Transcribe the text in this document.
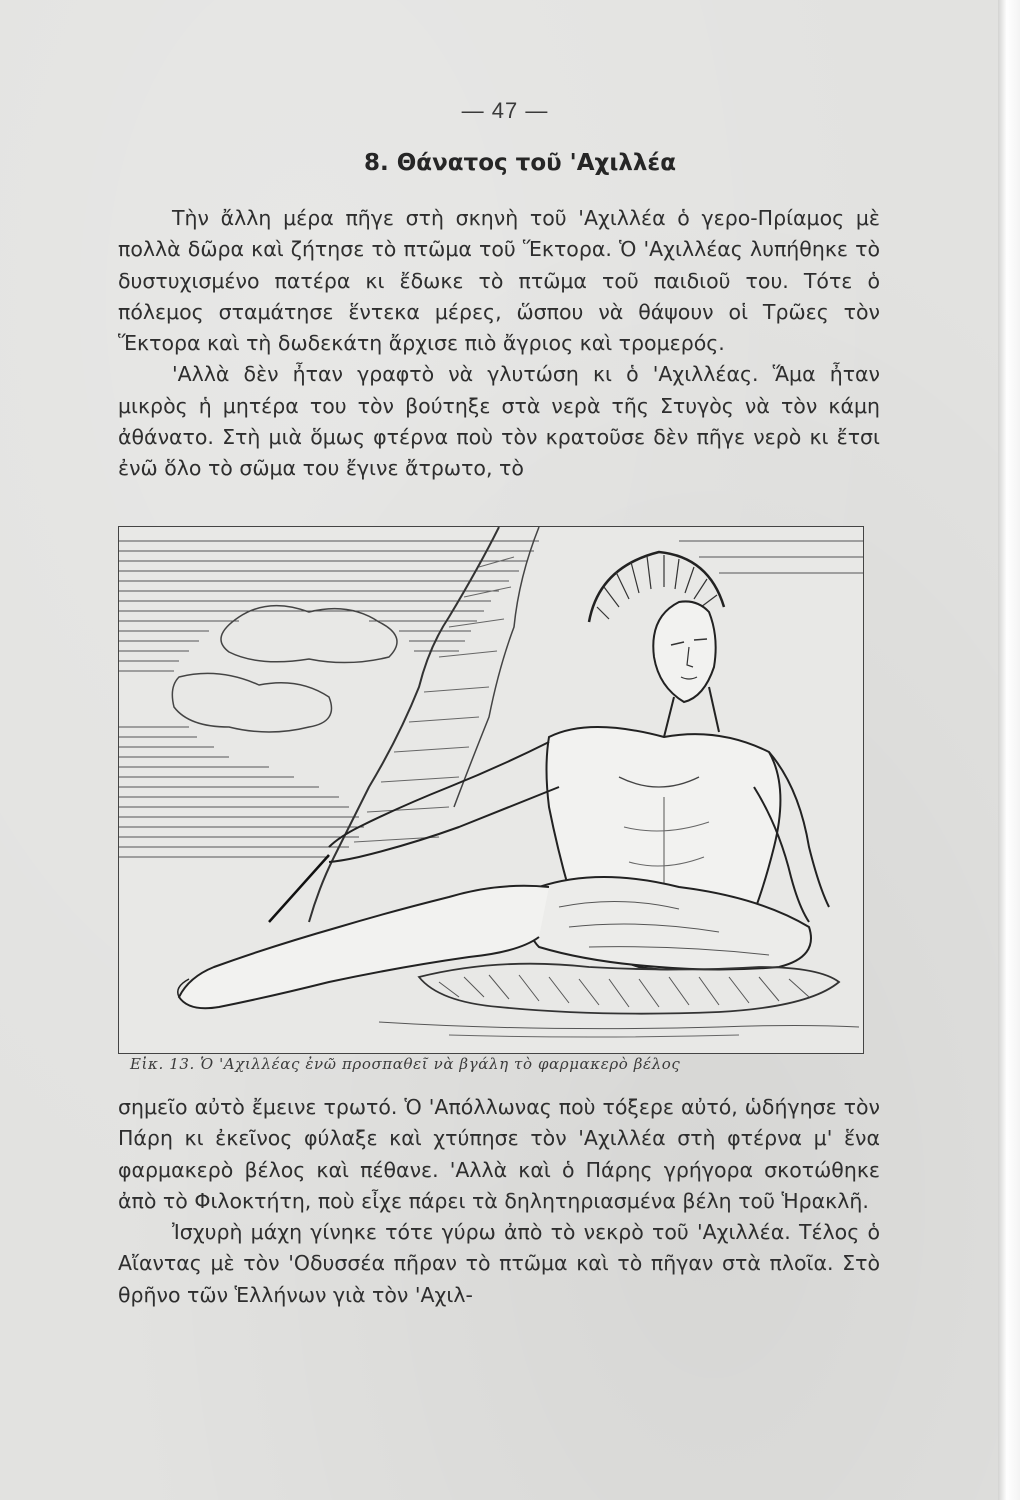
— 47 —
8. Θάνατος τοῦ 'Αχιλλέα

Τὴν ἄλλη μέρα πῆγε στὴ σκηνὴ τοῦ 'Αχιλλέα ὁ γερο-Πρίαμος μὲ πολλὰ δῶρα καὶ ζήτησε τὸ πτῶμα τοῦ Ἕκτορα. Ὁ 'Αχιλλέας λυπήθηκε τὸ δυστυχισμένο πατέρα κι ἔδωκε τὸ πτῶμα τοῦ παιδιοῦ του. Τότε ὁ πόλεμος σταμάτησε ἕντεκα μέρες, ὥσπου νὰ θάψουν οἱ Τρῶες τὸν Ἕκτορα καὶ τὴ δωδεκάτη ἄρχισε πιὸ ἄγριος καὶ τρομερός.

'Αλλὰ δὲν ἦταν γραφτὸ νὰ γλυτώση κι ὁ 'Αχιλλέας. Ἅμα ἦταν μικρὸς ἡ μητέρα του τὸν βούτηξε στὰ νερὰ τῆς Στυγὸς νὰ τὸν κάμη ἀθάνατο. Στὴ μιὰ ὅμως φτέρνα ποὺ τὸν κρατοῦσε δὲν πῆγε νερὸ κι ἔτσι ἐνῶ ὅλο τὸ σῶμα του ἔγινε ἄτρωτο, τὸ

Εἰκ. 13. Ὁ 'Αχιλλέας ἐνῶ προσπαθεῖ νὰ βγάλη τὸ φαρμακερὸ βέλος

σημεῖο αὐτὸ ἔμεινε τρωτό. Ὁ 'Απόλλωνας ποὺ τόξερε αὐτό, ὡδήγησε τὸν Πάρη κι ἐκεῖνος φύλαξε καὶ χτύπησε τὸν 'Αχιλλέα στὴ φτέρνα μ' ἕνα φαρμακερὸ βέλος καὶ πέθανε. 'Αλλὰ καὶ ὁ Πάρης γρήγορα σκοτώθηκε ἀπὸ τὸ Φιλοκτήτη, ποὺ εἶχε πάρει τὰ δηλητηριασμένα βέλη τοῦ Ἡρακλῆ.

Ἰσχυρὴ μάχη γίνηκε τότε γύρω ἀπὸ τὸ νεκρὸ τοῦ 'Αχιλλέα. Τέλος ὁ Αἴαντας μὲ τὸν 'Οδυσσέα πῆραν τὸ πτῶμα καὶ τὸ πῆγαν στὰ πλοῖα. Στὸ θρῆνο τῶν Ἑλλήνων γιὰ τὸν 'Αχιλ-
